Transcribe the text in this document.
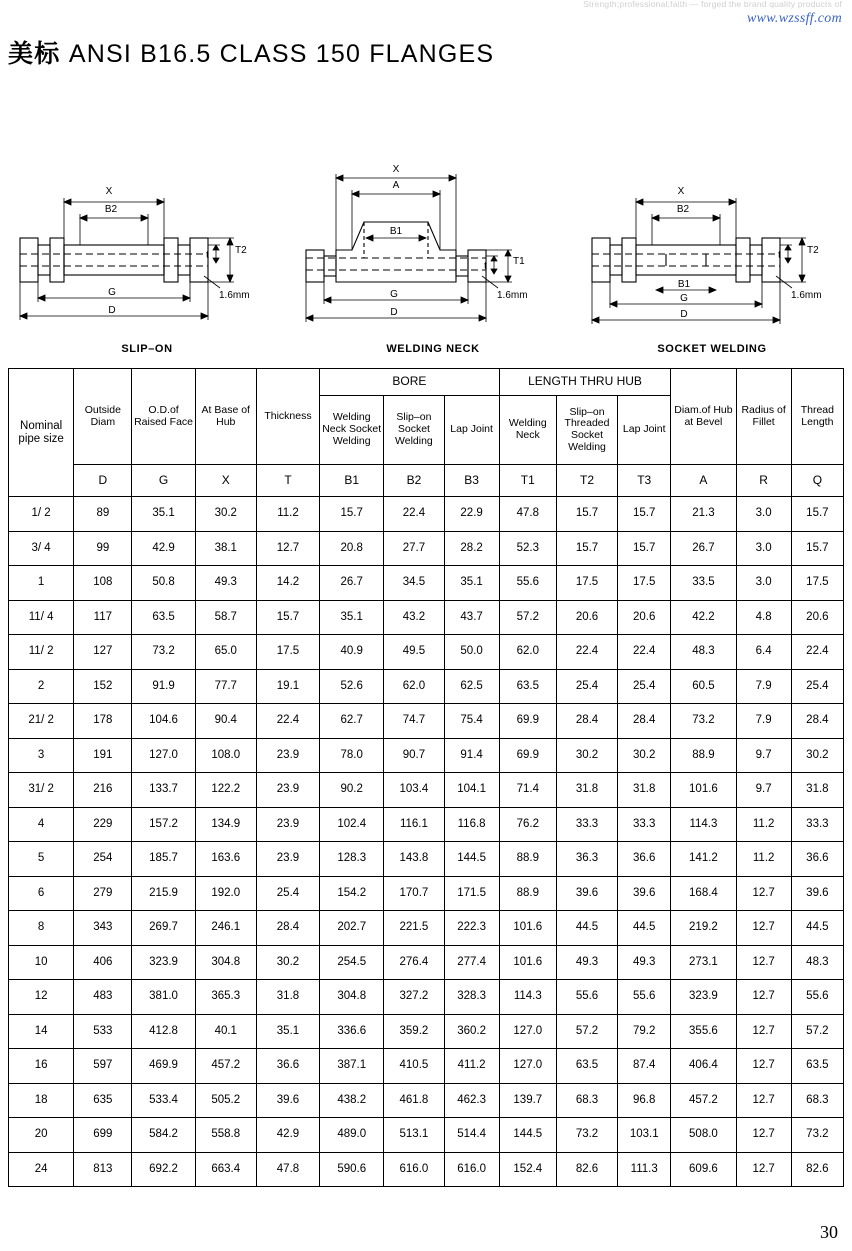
Strength;professional;faith — forged the brand quality products of
www.wzssff.com
美标 ANSI B16.5 CLASS 150 FLANGES
X
B2
G
D
T2
t
1.6mm
SLIP–ON
X
A
B1
G
D
T1
t
1.6mm
WELDING NECK
X
B2
B1
G
D
T2
t
1.6mm
SOCKET WELDING
Nominal pipe size	Outside Diam	O.D.of Raised Face	At Base of Hub	Thickness	BORE			LENGTH THRU HUB			Diam.of Hub at Bevel	Radius of Fillet	Thread Length
					Welding Neck Socket Welding	Slip–on Socket Welding	Lap Joint	Welding Neck	Slip–on Threaded Socket Welding	Lap Joint			
	D	G	X	T	B1	B2	B3	T1	T2	T3	A	R	Q
1/ 2	89	35.1	30.2	11.2	15.7	22.4	22.9	47.8	15.7	15.7	21.3	3.0	15.7
3/ 4	99	42.9	38.1	12.7	20.8	27.7	28.2	52.3	15.7	15.7	26.7	3.0	15.7
1	108	50.8	49.3	14.2	26.7	34.5	35.1	55.6	17.5	17.5	33.5	3.0	17.5
11/ 4	117	63.5	58.7	15.7	35.1	43.2	43.7	57.2	20.6	20.6	42.2	4.8	20.6
11/ 2	127	73.2	65.0	17.5	40.9	49.5	50.0	62.0	22.4	22.4	48.3	6.4	22.4
2	152	91.9	77.7	19.1	52.6	62.0	62.5	63.5	25.4	25.4	60.5	7.9	25.4
21/ 2	178	104.6	90.4	22.4	62.7	74.7	75.4	69.9	28.4	28.4	73.2	7.9	28.4
3	191	127.0	108.0	23.9	78.0	90.7	91.4	69.9	30.2	30.2	88.9	9.7	30.2
31/ 2	216	133.7	122.2	23.9	90.2	103.4	104.1	71.4	31.8	31.8	101.6	9.7	31.8
4	229	157.2	134.9	23.9	102.4	116.1	116.8	76.2	33.3	33.3	114.3	11.2	33.3
5	254	185.7	163.6	23.9	128.3	143.8	144.5	88.9	36.3	36.6	141.2	11.2	36.6
6	279	215.9	192.0	25.4	154.2	170.7	171.5	88.9	39.6	39.6	168.4	12.7	39.6
8	343	269.7	246.1	28.4	202.7	221.5	222.3	101.6	44.5	44.5	219.2	12.7	44.5
10	406	323.9	304.8	30.2	254.5	276.4	277.4	101.6	49.3	49.3	273.1	12.7	48.3
12	483	381.0	365.3	31.8	304.8	327.2	328.3	114.3	55.6	55.6	323.9	12.7	55.6
14	533	412.8	40.1	35.1	336.6	359.2	360.2	127.0	57.2	79.2	355.6	12.7	57.2
16	597	469.9	457.2	36.6	387.1	410.5	411.2	127.0	63.5	87.4	406.4	12.7	63.5
18	635	533.4	505.2	39.6	438.2	461.8	462.3	139.7	68.3	96.8	457.2	12.7	68.3
20	699	584.2	558.8	42.9	489.0	513.1	514.4	144.5	73.2	103.1	508.0	12.7	73.2
24	813	692.2	663.4	47.8	590.6	616.0	616.0	152.4	82.6	111.3	609.6	12.7	82.6
30
